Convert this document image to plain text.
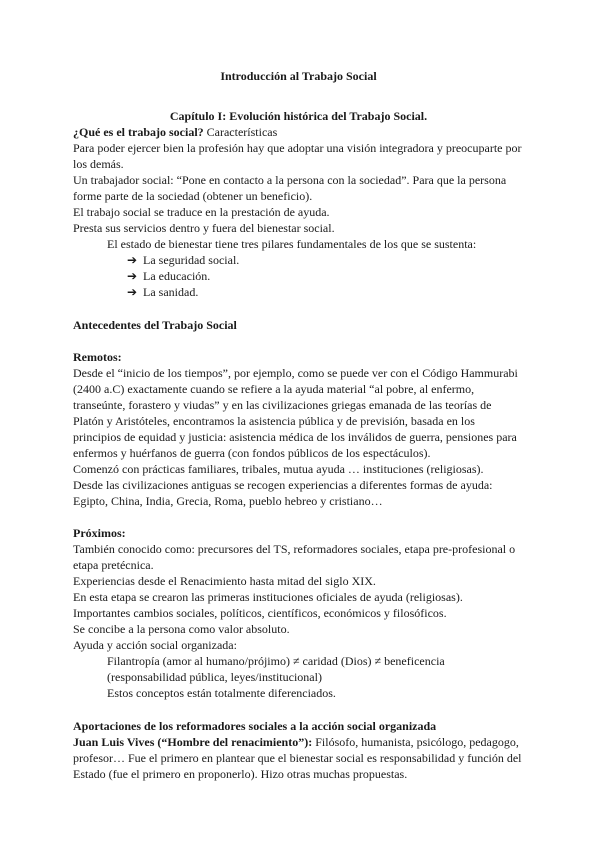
Introducción al Trabajo Social

Capítulo I: Evolución histórica del Trabajo Social.

¿Qué es el trabajo social? Características

Para poder ejercer bien la profesión hay que adoptar una visión integradora y preocuparte por los demás.

Un trabajador social: “Pone en contacto a la persona con la sociedad”. Para que la persona forme parte de la sociedad (obtener un beneficio).

El trabajo social se traduce en la prestación de ayuda.

Presta sus servicios dentro y fuera del bienestar social.

El estado de bienestar tiene tres pilares fundamentales de los que se sustenta:

➔ La seguridad social.
➔ La educación.
➔ La sanidad.

Antecedentes del Trabajo Social

Remotos:

Desde el “inicio de los tiempos”, por ejemplo, como se puede ver con el Código Hammurabi (2400 a.C) exactamente cuando se refiere a la ayuda material “al pobre, al enfermo, transeúnte, forastero y viudas” y en las civilizaciones griegas emanada de las teorías de Platón y Aristóteles, encontramos la asistencia pública y de previsión, basada en los principios de equidad y justicia: asistencia médica de los inválidos de guerra, pensiones para enfermos y huérfanos de guerra (con fondos públicos de los espectáculos).

Comenzó con prácticas familiares, tribales, mutua ayuda … instituciones (religiosas).

Desde las civilizaciones antiguas se recogen experiencias a diferentes formas de ayuda: Egipto, China, India, Grecia, Roma, pueblo hebreo y cristiano…

Próximos:

También conocido como: precursores del TS, reformadores sociales, etapa pre-profesional o etapa pretécnica.

Experiencias desde el Renacimiento hasta mitad del siglo XIX.

En esta etapa se crearon las primeras instituciones oficiales de ayuda (religiosas).

Importantes cambios sociales, políticos, científicos, económicos y filosóficos.

Se concibe a la persona como valor absoluto.

Ayuda y acción social organizada:

Filantropía (amor al humano/prójimo) ≠ caridad (Dios) ≠ beneficencia (responsabilidad pública, leyes/institucional)

Estos conceptos están totalmente diferenciados.

Aportaciones de los reformadores sociales a la acción social organizada

Juan Luis Vives (“Hombre del renacimiento”): Filósofo, humanista, psicólogo, pedagogo, profesor… Fue el primero en plantear que el bienestar social es responsabilidad y función del Estado (fue el primero en proponerlo). Hizo otras muchas propuestas.
